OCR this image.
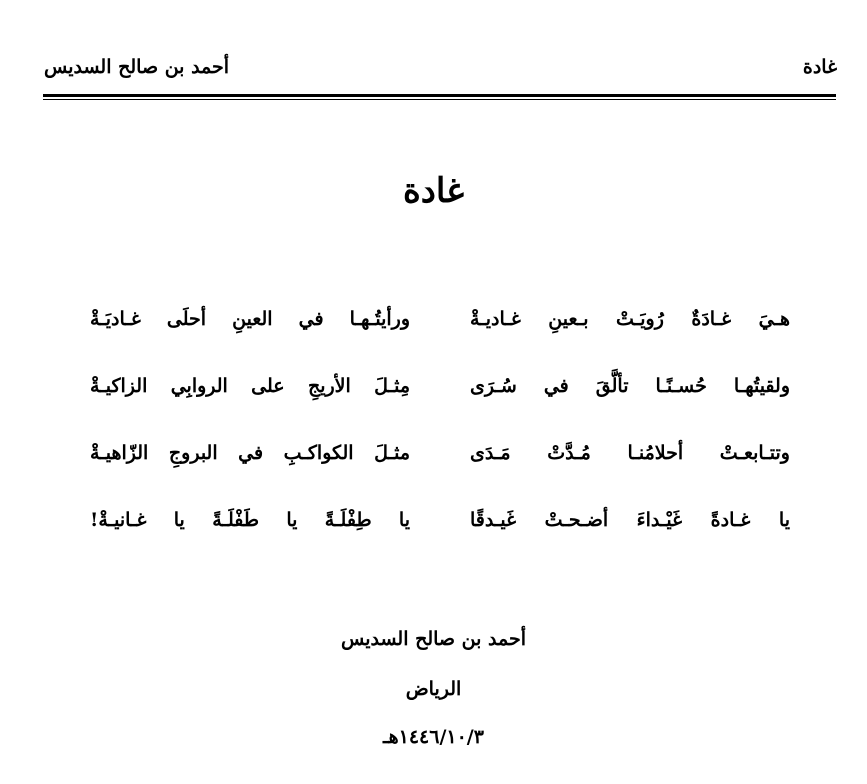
أحمد بن صالح السديس	غادة
غادة
هـيَ غـادَةٌ رُويَـتْ بـعينِ غـاديـةْ
ورأيتُـهـا في العينِ أحلَى غـاديَـةْ
ولقيتُهـا حُسـنًـا تألَّقَ في سُـرَى
مِثـلَ الأريجِ على الروابِي الزاكيـةْ
وتتـابعـتْ أحلامُنـا مُـدَّتْ مَـدَى
مثـلَ الكواكـبِ في البروجِ الزّاهيـةْ
يا غـادةً غَيْـداءَ أضـحـتْ غَيـدقًا
يا طِفْلَـةً يا طَفْلَـةً يا غـانيـةْ!
أحمد بن صالح السديس
الرياض
١٤٤٦/١٠/٣هـ
